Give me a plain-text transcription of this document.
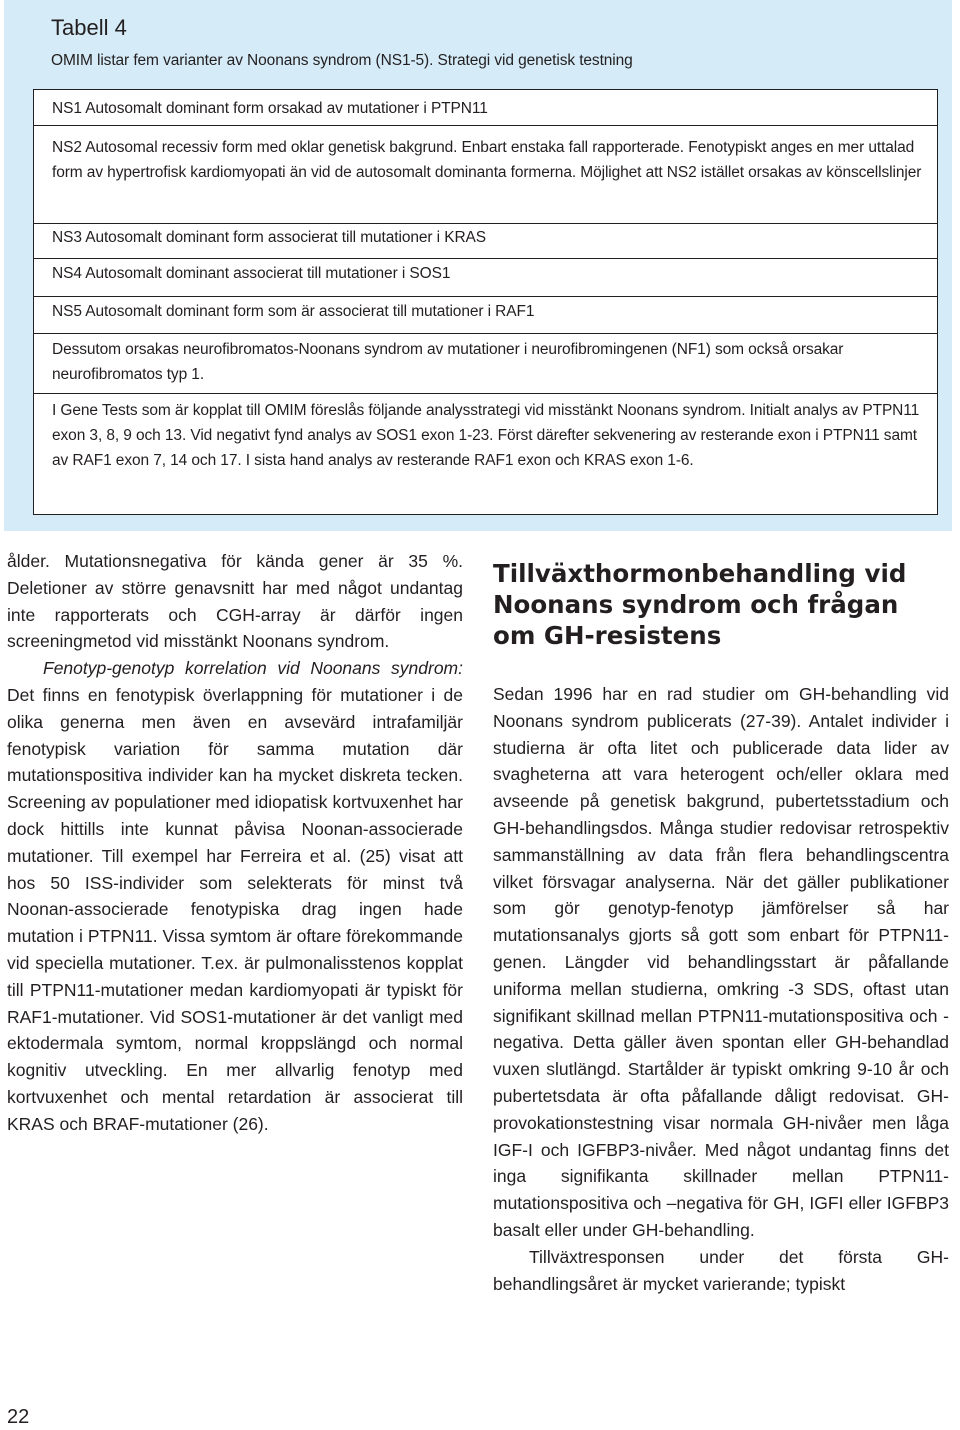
Tabell 4

OMIM listar fem varianter av Noonans syndrom (NS1-5). Strategi vid genetisk testning

NS1 Autosomalt dominant form orsakad av mutationer i PTPN11
NS2 Autosomal recessiv form med oklar genetisk bakgrund. Enbart enstaka fall rapporterade. Fenotypiskt anges en mer uttalad form av hypertrofisk kardiomyopati än vid de autosomalt dominanta formerna. Möjlighet att NS2 istället orsakas av könscellslinjer
NS3 Autosomalt dominant form associerat till mutationer i KRAS
NS4 Autosomalt dominant associerat till mutationer i SOS1
NS5 Autosomalt dominant form som är associerat till mutationer i RAF1
Dessutom orsakas neurofibromatos-Noonans syndrom av mutationer i neurofibromingenen (NF1) som också orsakar neurofibromatos typ 1.
I Gene Tests som är kopplat till OMIM föreslås följande analysstrategi vid misstänkt Noonans syndrom. Initialt analys av PTPN11 exon 3, 8, 9 och 13. Vid negativt fynd analys av SOS1 exon 1-23. Först därefter sekvenering av resterande exon i PTPN11 samt av RAF1 exon 7, 14 och 17. I sista hand analys av resterande RAF1 exon och KRAS exon 1-6.

ålder. Mutationsnegativa för kända gener är 35 %. Deletioner av större genavsnitt har med något undantag inte rapporterats och CGH-array är därför ingen screeningmetod vid misstänkt Noonans syndrom.

Fenotyp-genotyp korrelation vid Noonans syndrom: Det finns en fenotypisk överlappning för mutationer i de olika generna men även en avsevärd intrafamiljär fenotypisk variation för samma mutation där mutationspositiva individer kan ha mycket diskreta tecken. Screening av populationer med idiopatisk kortvuxenhet har dock hittills inte kunnat påvisa Noonan-associerade mutationer. Till exempel har Ferreira et al. (25) visat att hos 50 ISS-individer som selekterats för minst två Noonan-associerade fenotypiska drag ingen hade mutation i PTPN11. Vissa symtom är oftare förekommande vid speciella mutationer. T.ex. är pulmonalisstenos kopplat till PTPN11-mutationer medan kardiomyopati är typiskt för RAF1-mutationer. Vid SOS1-mutationer är det vanligt med ektodermala symtom, normal kroppslängd och normal kognitiv utveckling. En mer allvarlig fenotyp med kortvuxenhet och mental retardation är associerat till KRAS och BRAF-mutationer (26).

Tillväxthormonbehandling vid Noonans syndrom och frågan om GH-resistens

Sedan 1996 har en rad studier om GH-behandling vid Noonans syndrom publicerats (27-39). Antalet individer i studierna är ofta litet och publicerade data lider av svagheterna att vara heterogent och/eller oklara med avseende på genetisk bakgrund, pubertetsstadium och GH-behandlingsdos. Många studier redovisar retrospektiv sammanställning av data från flera behandlingscentra vilket försvagar analyserna. När det gäller publikationer som gör genotyp-fenotyp jämförelser så har mutationsanalys gjorts så gott som enbart för PTPN11-genen. Längder vid behandlingsstart är påfallande uniforma mellan studierna, omkring -3 SDS, oftast utan signifikant skillnad mellan PTPN11-mutationspositiva och -negativa. Detta gäller även spontan eller GH-behandlad vuxen slutlängd. Startålder är typiskt omkring 9-10 år och pubertetsdata är ofta påfallande dåligt redovisat. GH-provokationstestning visar normala GH-nivåer men låga IGF-I och IGFBP3-nivåer. Med något undantag finns det inga signifikanta skillnader mellan PTPN11-mutationspositiva och –negativa för GH, IGFI eller IGFBP3 basalt eller under GH-behandling.

Tillväxtresponsen under det första GH-behandlingsåret är mycket varierande; typiskt

22
